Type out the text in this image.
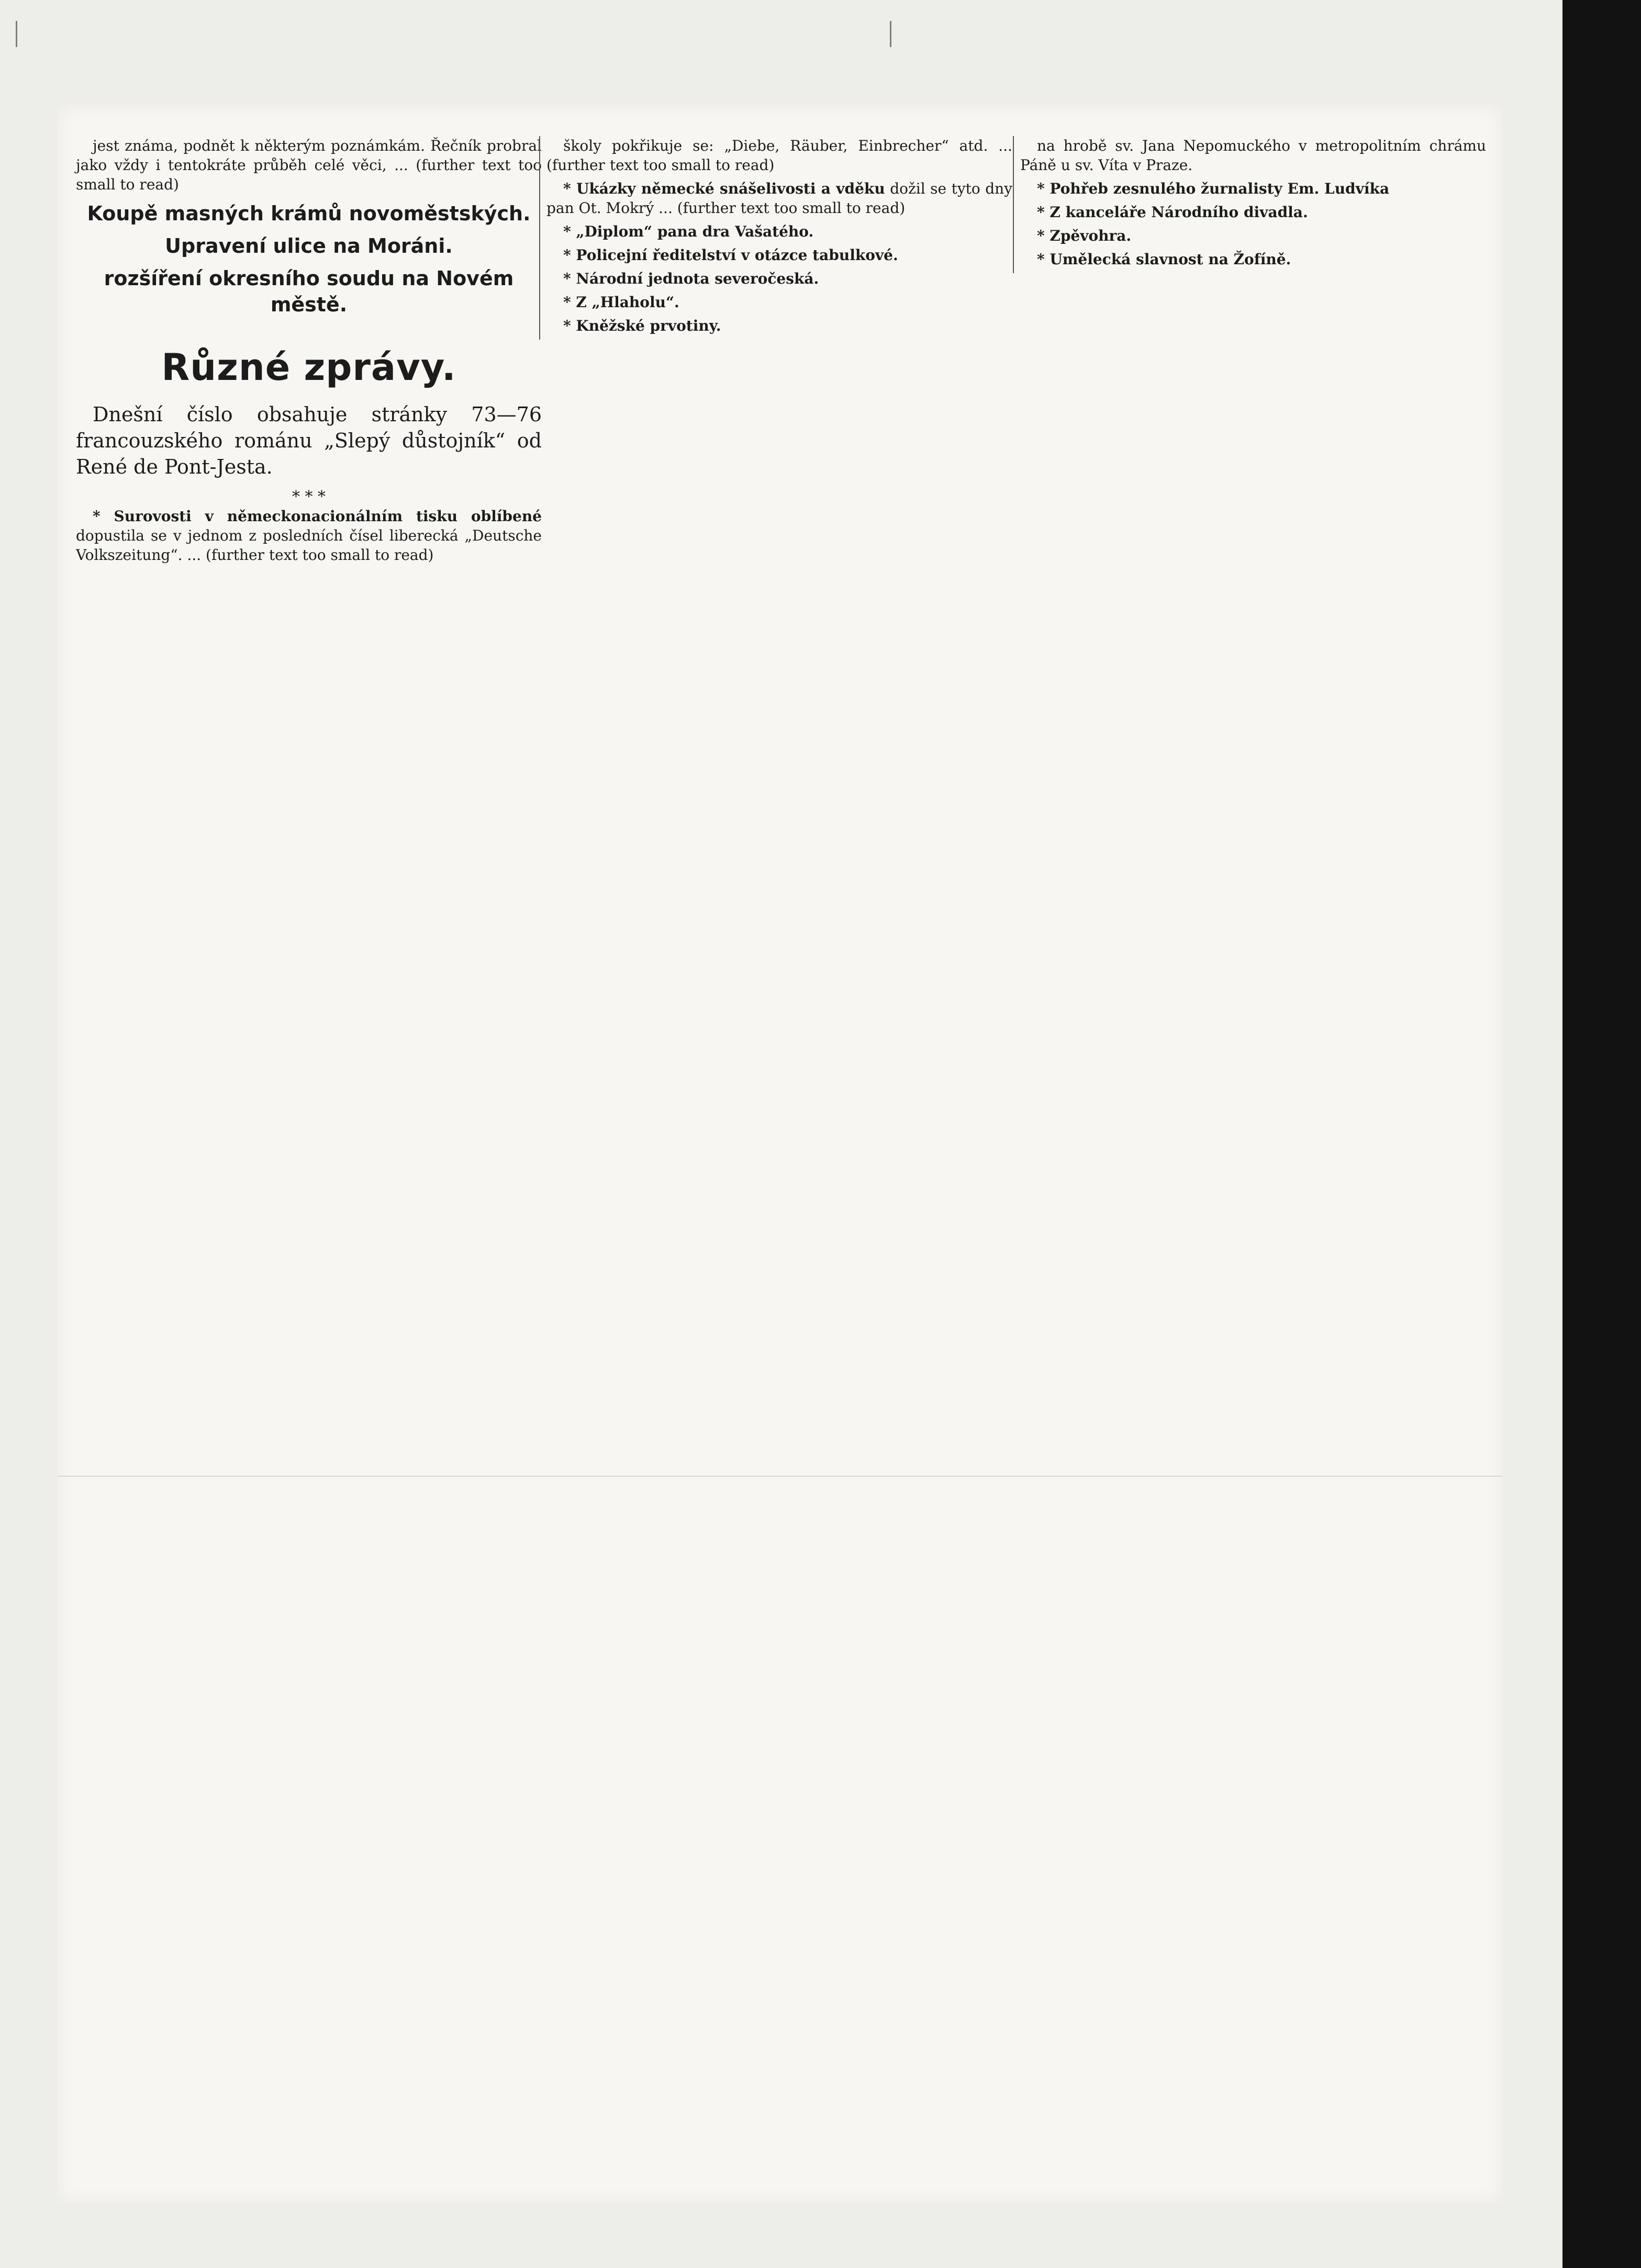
jest známa, podnět k některým poznámkám. Řečník probral jako vždy i tentokráte průběh celé věci, ... (further text too small to read)

Koupě masných krámů novoměstských.
Upravení ulice na Moráni.
rozšíření okresního soudu na Novém městě.
Různé zprávy.

Dnešní číslo obsahuje stránky 73—76 francouzského románu „Slepý důstojník“ od René de Pont-Jesta.

* * *

* Surovosti v německonacionálním tisku oblíbené dopustila se v jednom z posledních čísel liberecká „Deutsche Volkszeitung“. ... (further text too small to read)

školy pokřikuje se: „Diebe, Räuber, Einbrecher“ atd. ... (further text too small to read)

* Ukázky německé snášelivosti a vděku dožil se tyto dny pan Ot. Mokrý ... (further text too small to read)

* „Diplom“ pana dra Vašatého.

* Policejní ředitelství v otázce tabulkové.

* Národní jednota severočeská.

* Z „Hlaholu“.

* Kněžské prvotiny.

na hrobě sv. Jana Nepomuckého v metropolitním chrámu Páně u sv. Víta v Praze.

* Pohřeb zesnulého žurnalisty Em. Ludvíka

* Z kanceláře Národního divadla.

* Zpěvohra.

* Umělecká slavnost na Žofíně.
